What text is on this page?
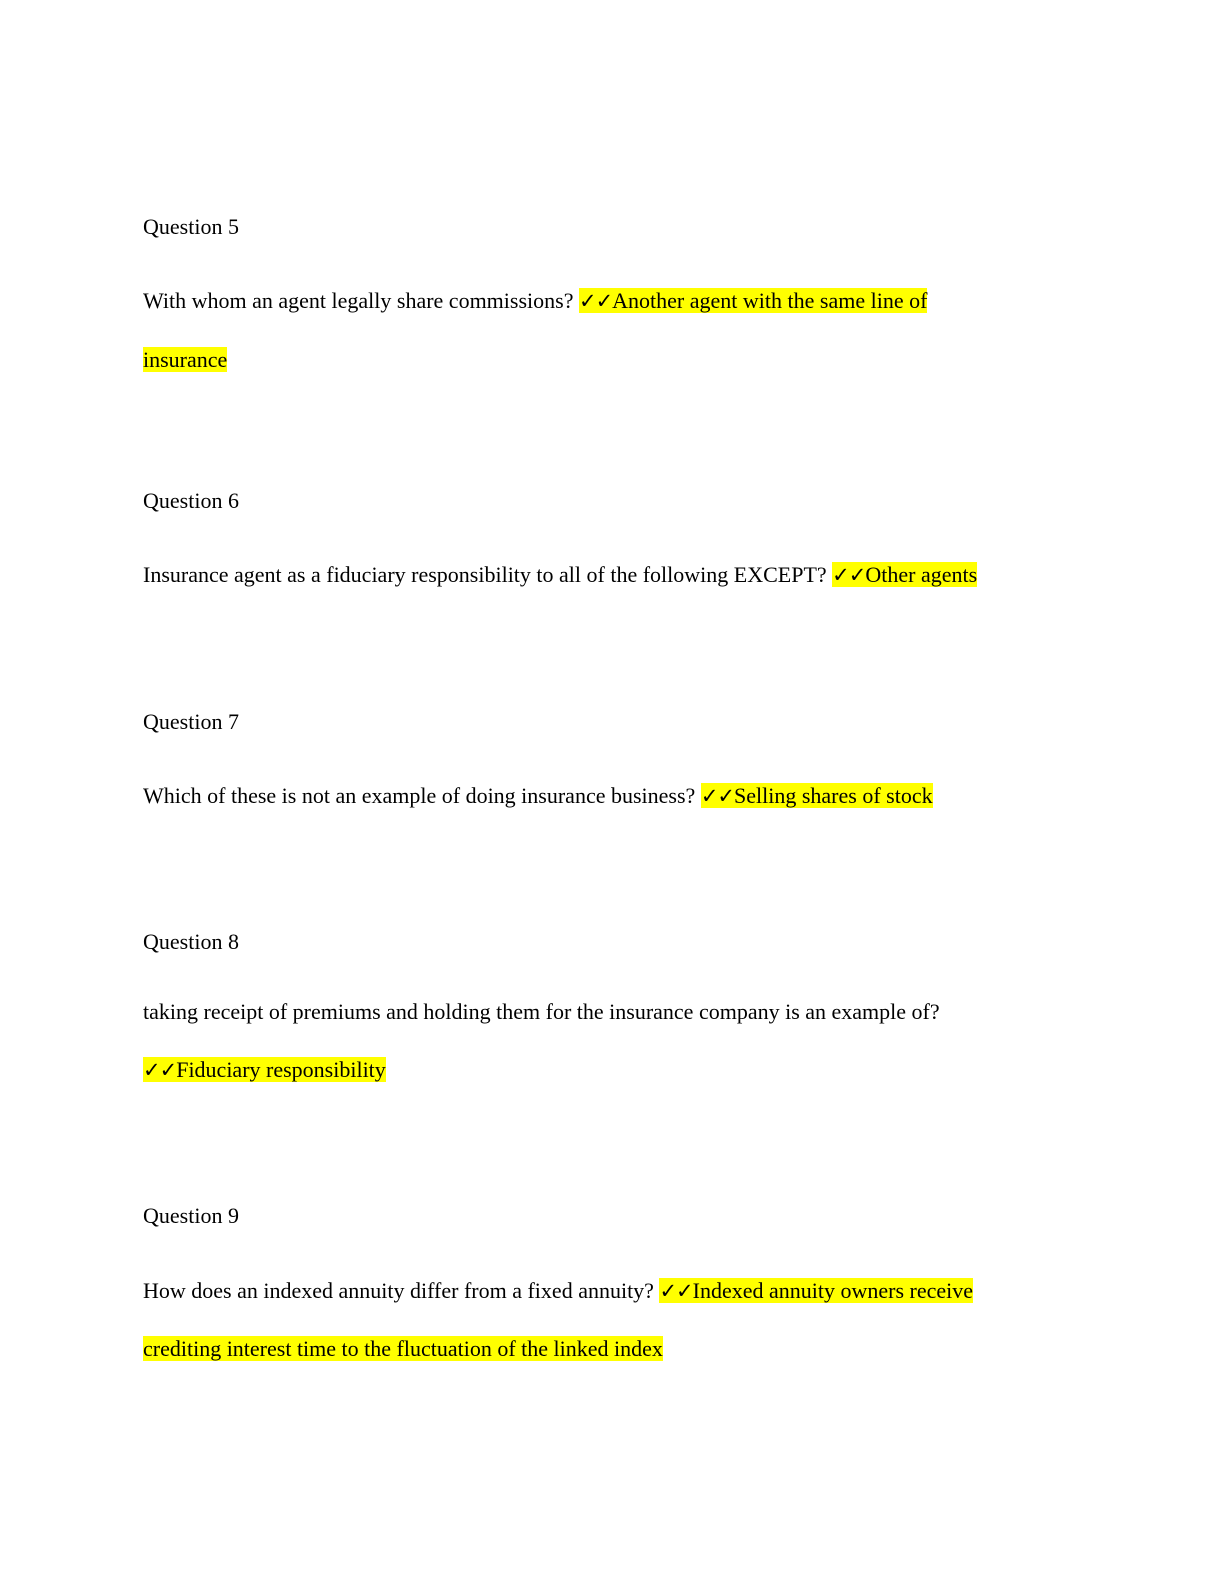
Question 5

With whom an agent legally share commissions? ✓✓Another agent with the same line of

insurance

Question 6

Insurance agent as a fiduciary responsibility to all of the following EXCEPT? ✓✓Other agents

Question 7

Which of these is not an example of doing insurance business? ✓✓Selling shares of stock

Question 8

taking receipt of premiums and holding them for the insurance company is an example of?

✓✓Fiduciary responsibility

Question 9

How does an indexed annuity differ from a fixed annuity? ✓✓Indexed annuity owners receive

crediting interest time to the fluctuation of the linked index
